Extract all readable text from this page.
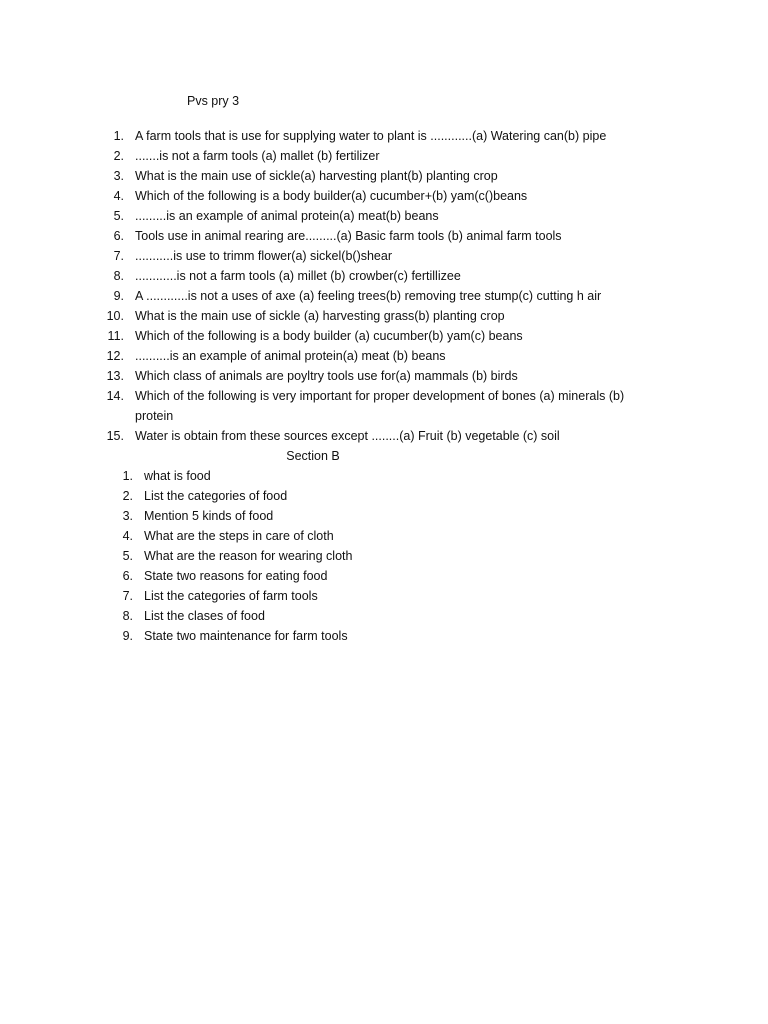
Pvs pry 3

1. A farm tools that is use for supplying water to plant is ............(a) Watering can(b) pipe
2. .......is not a farm tools (a) mallet (b) fertilizer
3. What is the main use of sickle(a) harvesting plant(b) planting crop
4. Which of the following is a body builder(a) cucumber+(b) yam(c()beans
5. .........is an example of animal protein(a) meat(b) beans
6. Tools use in animal rearing are.........(a) Basic farm tools (b) animal farm tools
7. ...........is use to trimm flower(a) sickel(b()shear
8. ............is not a farm tools (a) millet (b) crowber(c) fertillizee
9. A ............is not a uses of axe (a) feeling trees(b) removing tree stump(c) cutting h air
10. What is the main use of sickle (a) harvesting grass(b) planting crop
11. Which of the following is a body builder (a) cucumber(b) yam(c) beans
12. ..........is an example of animal protein(a) meat (b) beans
13. Which class of animals are poyltry tools use for(a) mammals (b) birds
14. Which of the following is very important for proper development of bones (a) minerals (b) protein
15. Water is obtain from these sources except ........(a) Fruit (b) vegetable (c) soil
Section B
1. what is food
2. List the categories of food
3. Mention 5 kinds of food
4. What are the steps in care of cloth
5. What are the reason for wearing cloth
6. State two reasons for eating food
7. List the categories of farm tools
8. List the clases of food
9. State two maintenance for farm tools
